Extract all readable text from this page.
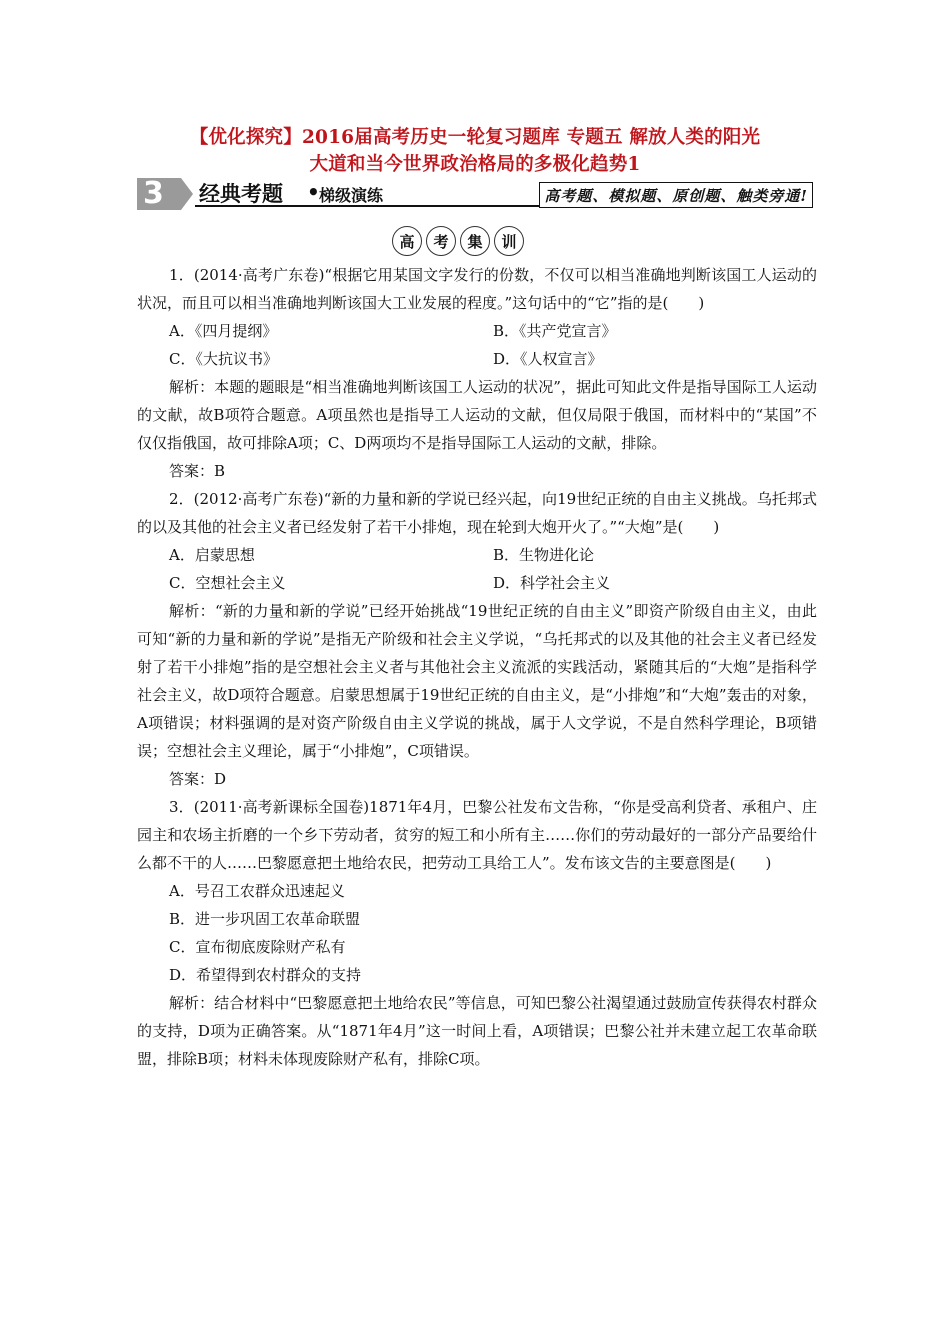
【优化探究】2016届高考历史一轮复习题库 专题五 解放人类的阳光
大道和当今世界政治格局的多极化趋势1
3 经典考题 • 梯级演练	高考题、模拟题、原创题、触类旁通!
高	考	集	训

1．(2014·高考广东卷)“根据它用某国文字发行的份数，不仅可以相当准确地判断该国工人运动的状况，而且可以相当准确地判断该国大工业发展的程度。”这句话中的“它”指的是(　　)

A．《四月提纲》	B．《共产党宣言》
C．《大抗议书》	D．《人权宣言》

解析：本题的题眼是“相当准确地判断该国工人运动的状况”，据此可知此文件是指导国际工人运动的文献，故B项符合题意。A项虽然也是指导工人运动的文献，但仅局限于俄国，而材料中的“某国”不仅仅指俄国，故可排除A项；C、D两项均不是指导国际工人运动的文献，排除。

答案：B

2．(2012·高考广东卷)“新的力量和新的学说已经兴起，向19世纪正统的自由主义挑战。乌托邦式的以及其他的社会主义者已经发射了若干小排炮，现在轮到大炮开火了。”“大炮”是(　　)

A．启蒙思想	B．生物进化论
C．空想社会主义	D．科学社会主义

解析：“新的力量和新的学说”已经开始挑战“19世纪正统的自由主义”即资产阶级自由主义，由此可知“新的力量和新的学说”是指无产阶级和社会主义学说，“乌托邦式的以及其他的社会主义者已经发射了若干小排炮”指的是空想社会主义者与其他社会主义流派的实践活动，紧随其后的“大炮”是指科学社会主义，故D项符合题意。启蒙思想属于19世纪正统的自由主义，是“小排炮”和“大炮”轰击的对象，A项错误；材料强调的是对资产阶级自由主义学说的挑战，属于人文学说，不是自然科学理论，B项错误；空想社会主义理论，属于“小排炮”，C项错误。

答案：D

3．(2011·高考新课标全国卷)1871年4月，巴黎公社发布文告称，“你是受高利贷者、承租户、庄园主和农场主折磨的一个乡下劳动者，贫穷的短工和小所有主……你们的劳动最好的一部分产品要给什么都不干的人……巴黎愿意把土地给农民，把劳动工具给工人”。发布该文告的主要意图是(　　)

A．号召工农群众迅速起义
B．进一步巩固工农革命联盟
C．宣布彻底废除财产私有
D．希望得到农村群众的支持

解析：结合材料中“巴黎愿意把土地给农民”等信息，可知巴黎公社渴望通过鼓励宣传获得农村群众的支持，D项为正确答案。从“1871年4月”这一时间上看，A项错误；巴黎公社并未建立起工农革命联盟，排除B项；材料未体现废除财产私有，排除C项。
